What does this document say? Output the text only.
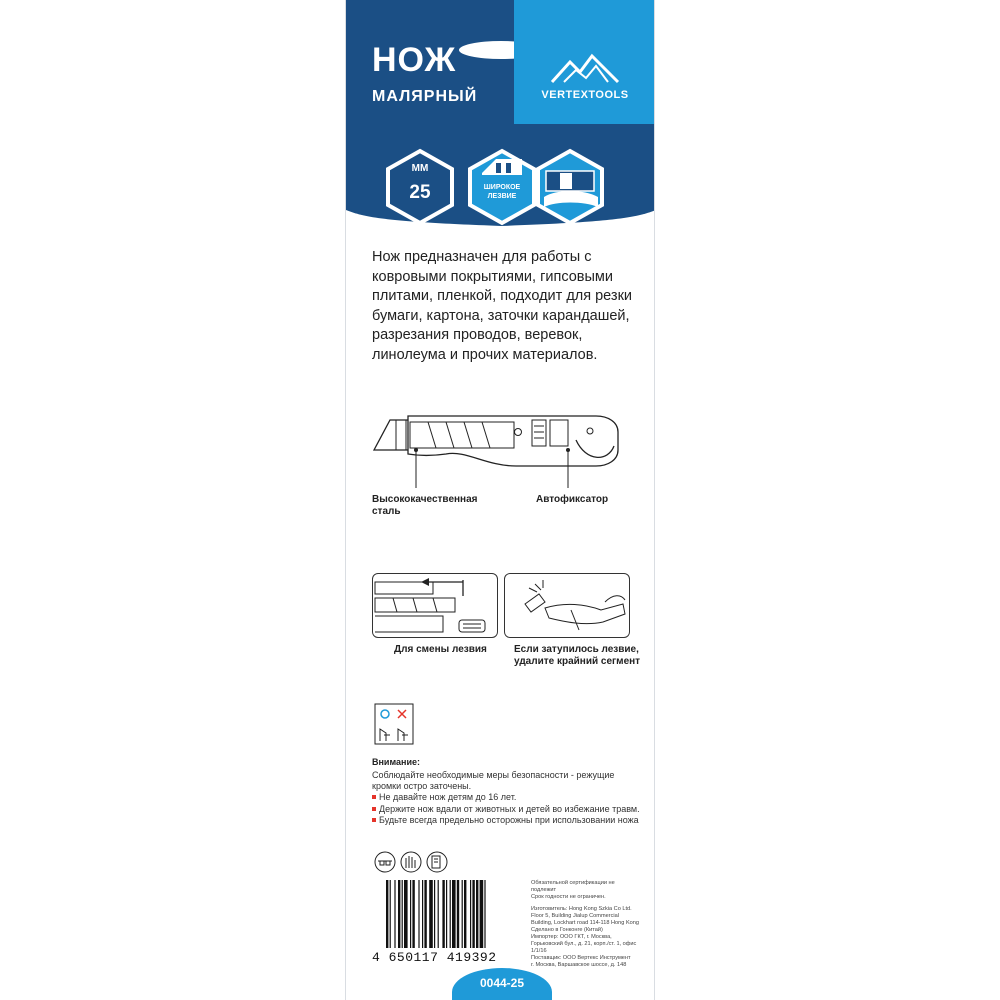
VERTEXTOOLS
НОЖ
МАЛЯРНЫЙ
ММ
25	ШИРОКОЕ
ЛЕЗВИЕ
Нож предназначен для работы с ковровыми покрытиями, гипсовыми плитами, пленкой, подходит для резки бумаги, картона, заточки карандашей, разрезания проводов, веревок, линолеума и прочих материалов.
Высококачественная
сталь
Автофиксатор
Для смены лезвия	Если затупилось лезвие,
удалите крайний сегмент
Внимание:
Соблюдайте необходимые меры безопасности - режущие кромки остро заточены.
Не давайте нож детям до 16 лет.
Держите нож вдали от животных и детей во избежание травм.
Будьте всегда предельно осторожны при использовании ножа
4 650117 419392
Обязательной сертификации не
подлежит
Срок годности не ограничен.
Изготовитель: Hong Kong Szkia Co Ltd.
Floor 5, Building Jialup Commercial
Building, Lockhart road 114-118 Hong Kong
Сделано в Гонконге (Китай)
Импортер: ООО ГКТ, г. Москва,
Горьковский бул., д. 21, корп./ст. 1, офис
1/1/16
Поставщик: ООО Вертекс Инструмент
г. Москва, Варшавское шоссе, д. 148
0044-25
